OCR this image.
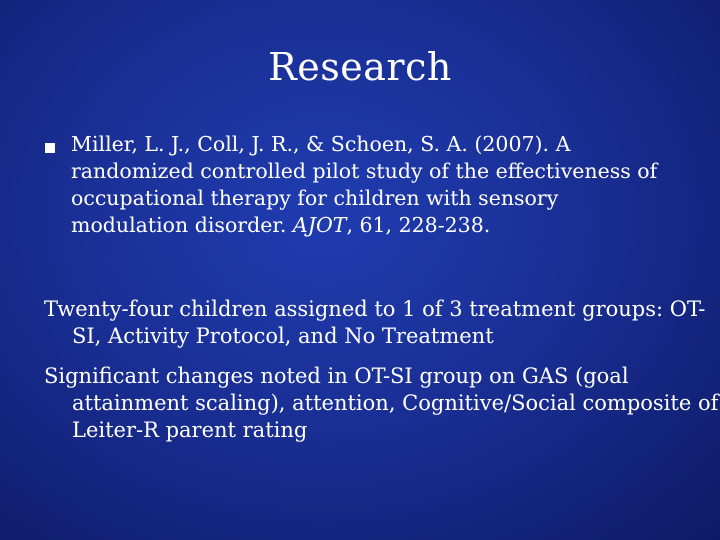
Research
Miller, L. J., Coll, J. R., & Schoen, S. A. (2007). A randomized controlled pilot study of the effectiveness of occupational therapy for children with sensory modulation disorder. AJOT, 61, 228-238.

Twenty-four children assigned to 1 of 3 treatment groups: OT-SI, Activity Protocol, and No Treatment

Significant changes noted in OT-SI group on GAS (goal attainment scaling), attention, Cognitive/Social composite of Leiter-R parent rating
